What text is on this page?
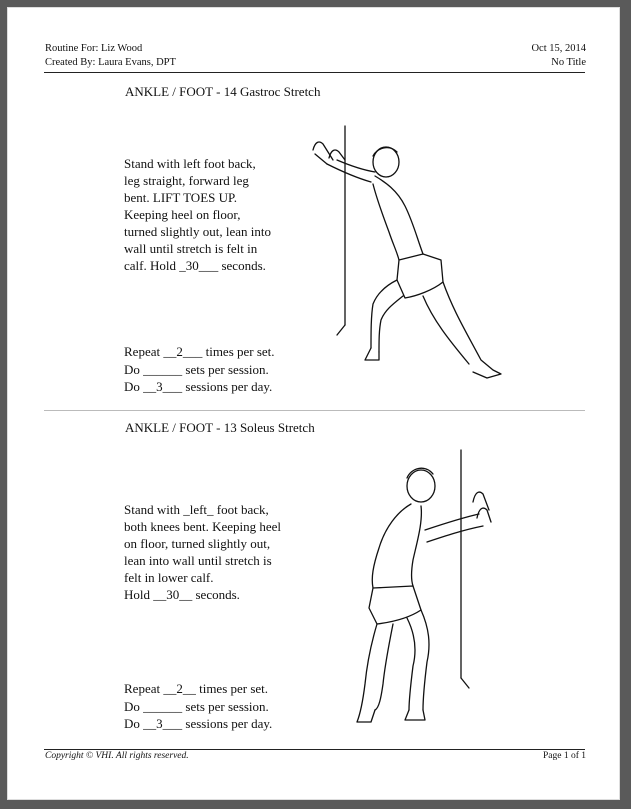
Routine For: Liz Wood
Created By: Laura Evans, DPT
Oct 15, 2014
No Title
ANKLE / FOOT - 14 Gastroc Stretch
Stand with left foot back,
leg straight, forward leg
bent. LIFT TOES UP.
Keeping heel on floor,
turned slightly out, lean into
wall until stretch is felt in
calf. Hold _30___ seconds.
Repeat __2___ times per set.
Do ______ sets per session.
Do __3___ sessions per day.
ANKLE / FOOT - 13 Soleus Stretch
Stand with _left_ foot back,
both knees bent. Keeping heel
on floor, turned slightly out,
lean into wall until stretch is
felt in lower calf.
Hold __30__ seconds.
Repeat __2__ times per set.
Do ______ sets per session.
Do __3___ sessions per day.
Copyright © VHI. All rights reserved.	Page 1 of 1
